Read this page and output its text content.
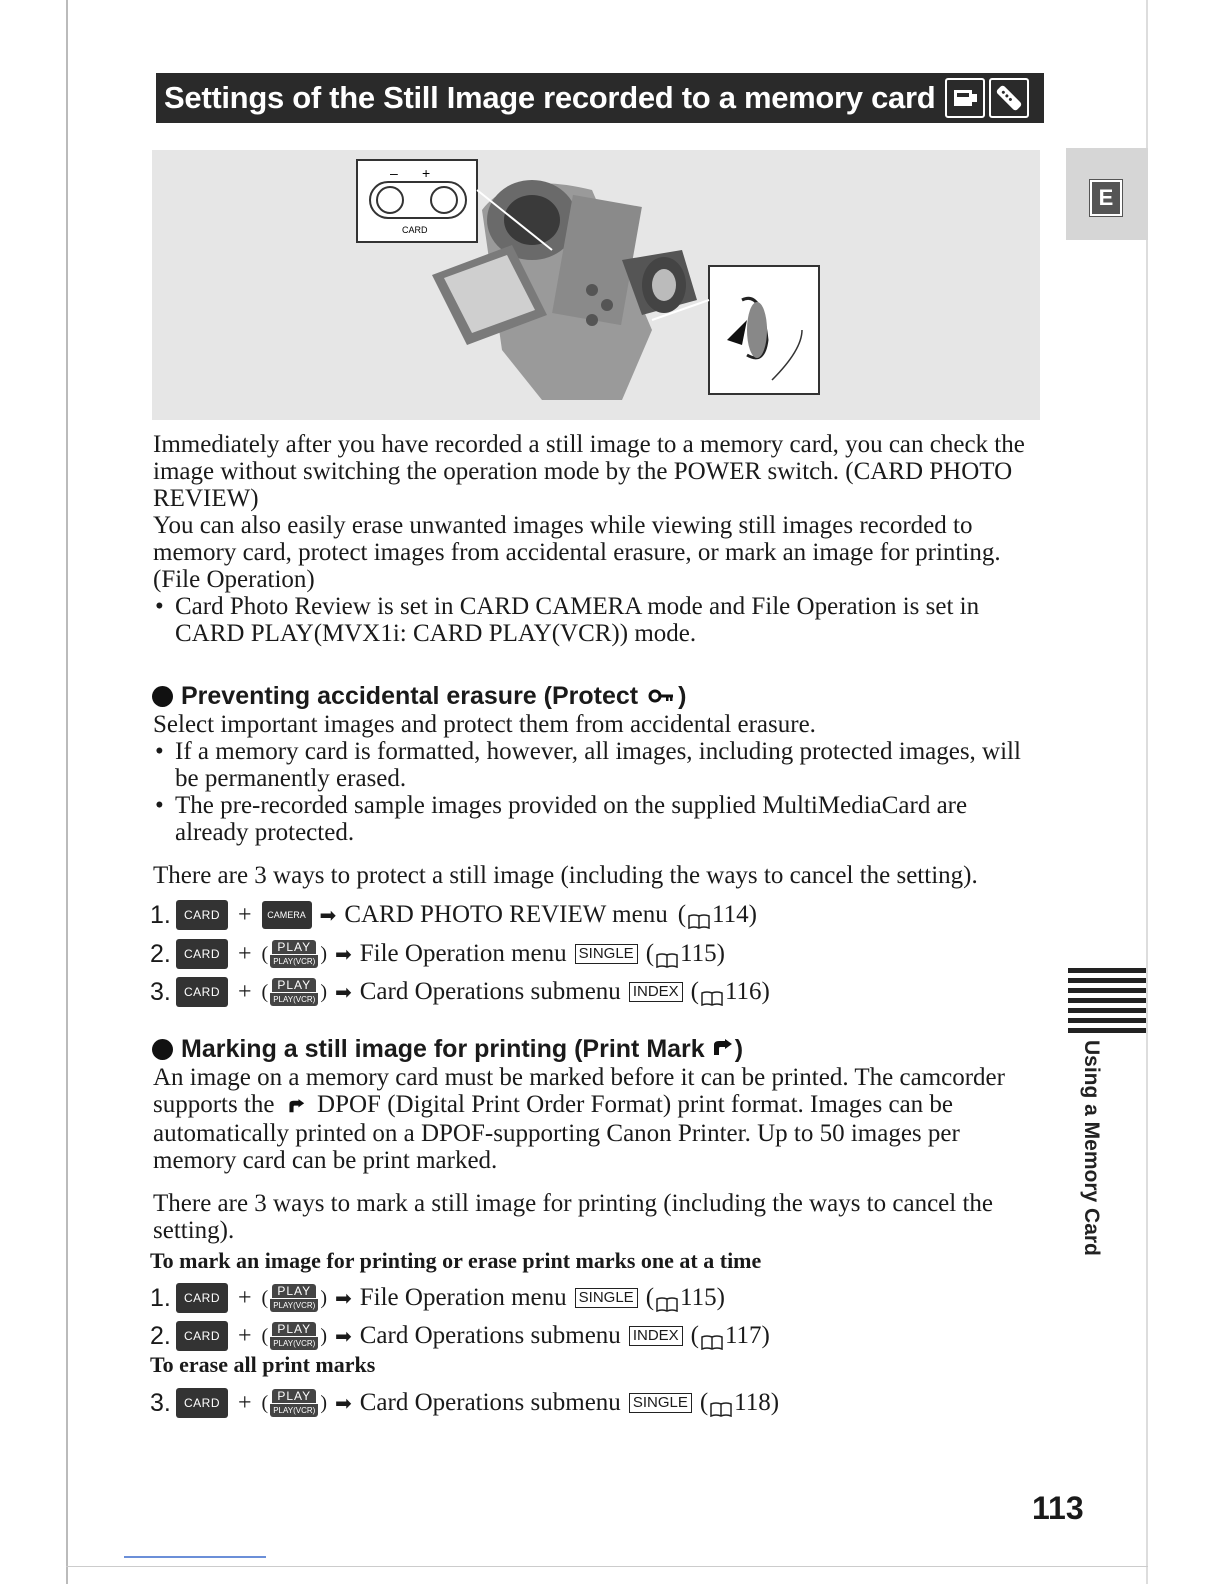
Settings of the Still Image recorded to a memory card
E
– +
CARD

Immediately after you have recorded a still image to a memory card, you can check the image without switching the operation mode by the POWER switch. (CARD PHOTO REVIEW)

You can also easily erase unwanted images while viewing still images recorded to memory card, protect images from accidental erasure, or mark an image for printing. (File Operation)

• Card Photo Review is set in CARD CAMERA mode and File Operation is set in CARD PLAY(MVX1i: CARD PLAY(VCR)) mode.

Preventing accidental erasure (Protect )

Select important images and protect them from accidental erasure.

• If a memory card is formatted, however, all images, including protected images, will be permanently erased.

• The pre-recorded sample images provided on the supplied MultiMediaCard are already protected.

There are 3 ways to protect a still image (including the ways to cancel the setting).

1.	CARD +	CAMERA ➡ CARD PHOTO REVIEW menu ( 114)
2.	CARD + ( PLAY
PLAY(VCR) ) ➡ File Operation menu SINGLE ( 115)
3.	CARD + ( PLAY
PLAY(VCR) ) ➡ Card Operations submenu INDEX ( 116)
Marking a still image for printing (Print Mark )

An image on a memory card must be marked before it can be printed. The camcorder supports the DPOF (Digital Print Order Format) print format. Images can be automatically printed on a DPOF-supporting Canon Printer. Up to 50 images per memory card can be print marked.

There are 3 ways to mark a still image for printing (including the ways to cancel the setting).

To mark an image for printing or erase print marks one at a time
1.	CARD + ( PLAY
PLAY(VCR) ) ➡ File Operation menu SINGLE ( 115)
2.	CARD + ( PLAY
PLAY(VCR) ) ➡ Card Operations submenu INDEX ( 117)
To erase all print marks
3.	CARD + ( PLAY
PLAY(VCR) ) ➡ Card Operations submenu SINGLE ( 118)
Using a Memory Card
113
